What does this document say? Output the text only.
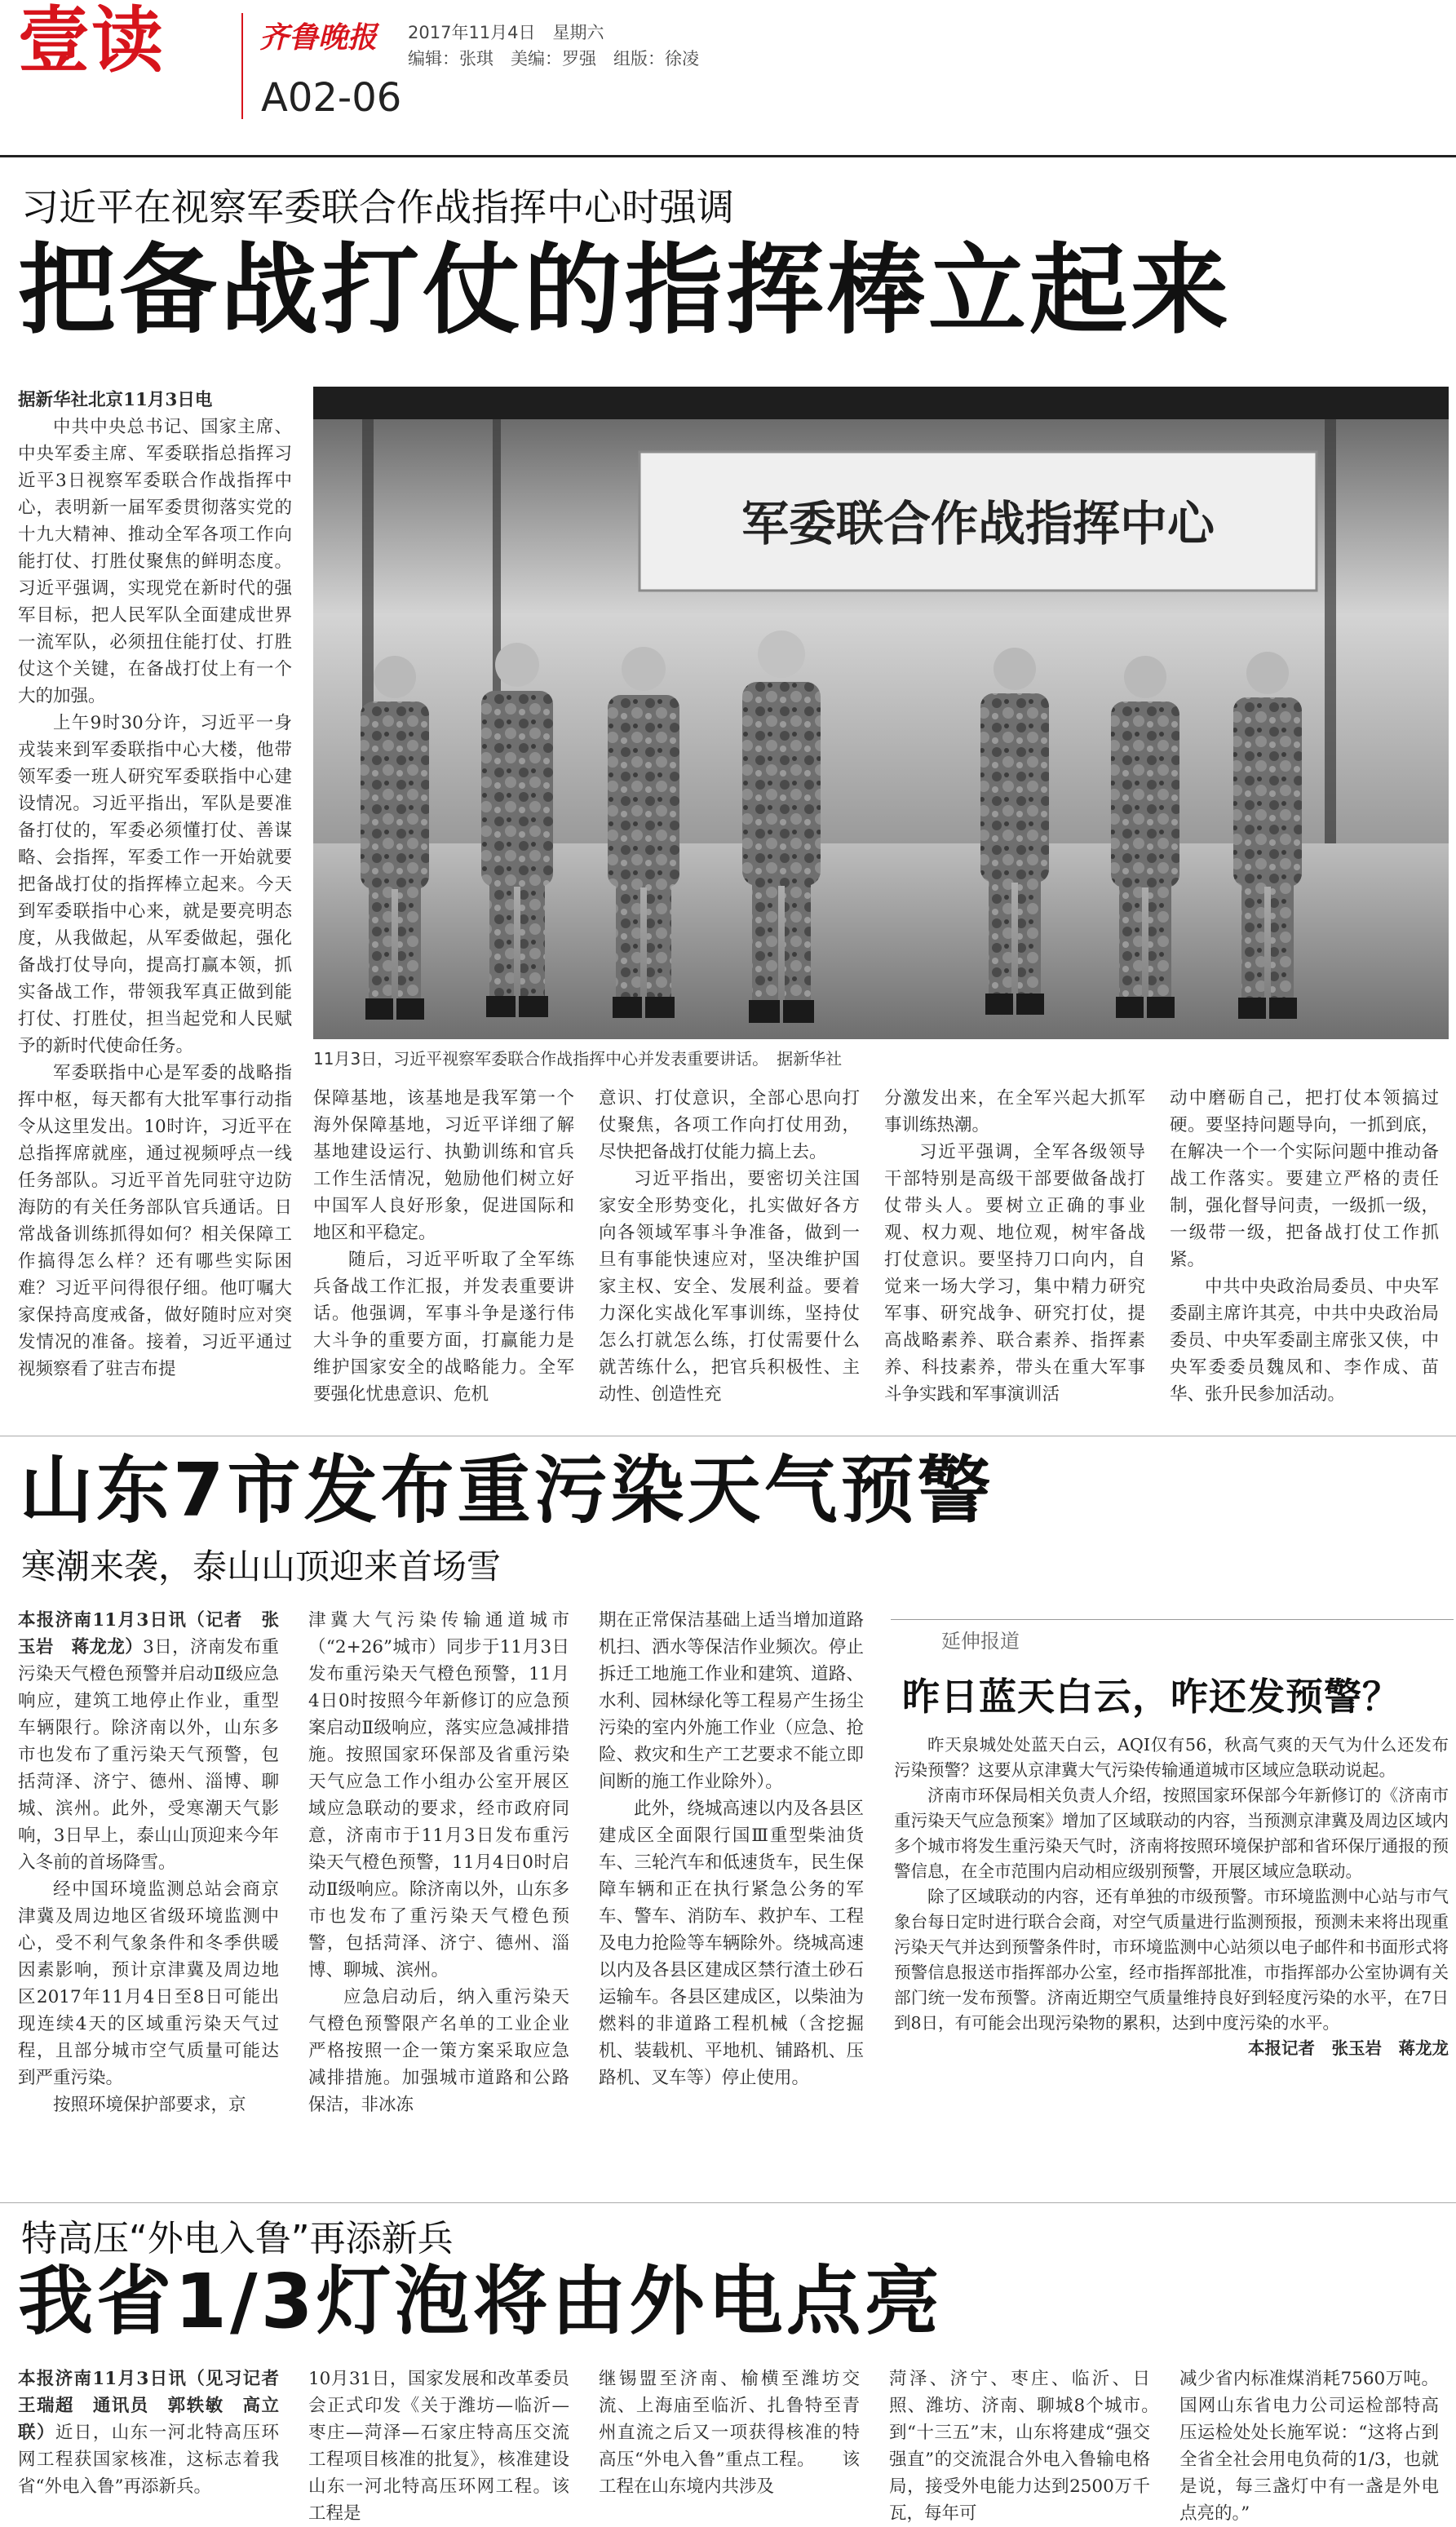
壹读	齐鲁晚报 2017年11月4日　星期六
编辑：张琪　美编：罗强　组版：徐凌
A02-06
习近平在视察军委联合作战指挥中心时强调
把备战打仗的指挥棒立起来

据新华社北京11月3日电

中共中央总书记、国家主席、中央军委主席、军委联指总指挥习近平3日视察军委联合作战指挥中心，表明新一届军委贯彻落实党的十九大精神、推动全军各项工作向能打仗、打胜仗聚焦的鲜明态度。习近平强调，实现党在新时代的强军目标，把人民军队全面建成世界一流军队，必须扭住能打仗、打胜仗这个关键，在备战打仗上有一个大的加强。

上午9时30分许，习近平一身戎装来到军委联指中心大楼，他带领军委一班人研究军委联指中心建设情况。习近平指出，军队是要准备打仗的，军委必须懂打仗、善谋略、会指挥，军委工作一开始就要把备战打仗的指挥棒立起来。今天到军委联指中心来，就是要亮明态度，从我做起，从军委做起，强化备战打仗导向，提高打赢本领，抓实备战工作，带领我军真正做到能打仗、打胜仗，担当起党和人民赋予的新时代使命任务。

军委联指中心是军委的战略指挥中枢，每天都有大批军事行动指令从这里发出。10时许，习近平在总指挥席就座，通过视频呼点一线任务部队。习近平首先同驻守边防海防的有关任务部队官兵通话。日常战备训练抓得如何？相关保障工作搞得怎么样？还有哪些实际困难？习近平问得很仔细。他叮嘱大家保持高度戒备，做好随时应对突发情况的准备。接着，习近平通过视频察看了驻吉布提

军委联合作战指挥中心
11月3日，习近平视察军委联合作战指挥中心并发表重要讲话。　据新华社

保障基地，该基地是我军第一个海外保障基地，习近平详细了解基地建设运行、执勤训练和官兵工作生活情况，勉励他们树立好中国军人良好形象，促进国际和地区和平稳定。

随后，习近平听取了全军练兵备战工作汇报，并发表重要讲话。他强调，军事斗争是遂行伟大斗争的重要方面，打赢能力是维护国家安全的战略能力。全军要强化忧患意识、危机

意识、打仗意识，全部心思向打仗聚焦，各项工作向打仗用劲，尽快把备战打仗能力搞上去。

习近平指出，要密切关注国家安全形势变化，扎实做好各方向各领域军事斗争准备，做到一旦有事能快速应对，坚决维护国家主权、安全、发展利益。要着力深化实战化军事训练，坚持仗怎么打就怎么练，打仗需要什么就苦练什么，把官兵积极性、主动性、创造性充

分激发出来，在全军兴起大抓军事训练热潮。

习近平强调，全军各级领导干部特别是高级干部要做备战打仗带头人。要树立正确的事业观、权力观、地位观，树牢备战打仗意识。要坚持刀口向内，自觉来一场大学习，集中精力研究军事、研究战争、研究打仗，提高战略素养、联合素养、指挥素养、科技素养，带头在重大军事斗争实践和军事演训活

动中磨砺自己，把打仗本领搞过硬。要坚持问题导向，一抓到底，在解决一个一个实际问题中推动备战工作落实。要建立严格的责任制，强化督导问责，一级抓一级，一级带一级，把备战打仗工作抓紧。

中共中央政治局委员、中央军委副主席许其亮，中共中央政治局委员、中央军委副主席张又侠，中央军委委员魏凤和、李作成、苗华、张升民参加活动。

山东7市发布重污染天气预警
寒潮来袭，泰山山顶迎来首场雪

本报济南11月3日讯（记者　张玉岩　蒋龙龙）3日，济南发布重污染天气橙色预警并启动Ⅱ级应急响应，建筑工地停止作业，重型车辆限行。除济南以外，山东多市也发布了重污染天气预警，包括菏泽、济宁、德州、淄博、聊城、滨州。此外，受寒潮天气影响，3日早上，泰山山顶迎来今年入冬前的首场降雪。

经中国环境监测总站会商京津冀及周边地区省级环境监测中心，受不利气象条件和冬季供暖因素影响，预计京津冀及周边地区2017年11月4日至8日可能出现连续4天的区域重污染天气过程，且部分城市空气质量可能达到严重污染。

按照环境保护部要求，京

津冀大气污染传输通道城市（“2+26”城市）同步于11月3日发布重污染天气橙色预警，11月4日0时按照今年新修订的应急预案启动Ⅱ级响应，落实应急减排措施。按照国家环保部及省重污染天气应急工作小组办公室开展区域应急联动的要求，经市政府同意，济南市于11月3日发布重污染天气橙色预警，11月4日0时启动Ⅱ级响应。除济南以外，山东多市也发布了重污染天气橙色预警，包括菏泽、济宁、德州、淄博、聊城、滨州。

应急启动后，纳入重污染天气橙色预警限产名单的工业企业严格按照一企一策方案采取应急减排措施。加强城市道路和公路保洁，非冰冻

期在正常保洁基础上适当增加道路机扫、洒水等保洁作业频次。停止拆迁工地施工作业和建筑、道路、水利、园林绿化等工程易产生扬尘污染的室内外施工作业（应急、抢险、救灾和生产工艺要求不能立即间断的施工作业除外）。

此外，绕城高速以内及各县区建成区全面限行国Ⅲ重型柴油货车、三轮汽车和低速货车，民生保障车辆和正在执行紧急公务的军车、警车、消防车、救护车、工程及电力抢险等车辆除外。绕城高速以内及各县区建成区禁行渣土砂石运输车。各县区建成区，以柴油为燃料的非道路工程机械（含挖掘机、装载机、平地机、铺路机、压路机、叉车等）停止使用。

延伸报道
昨日蓝天白云，咋还发预警？

昨天泉城处处蓝天白云，AQI仅有56，秋高气爽的天气为什么还发布污染预警？这要从京津冀大气污染传输通道城市区域应急联动说起。

济南市环保局相关负责人介绍，按照国家环保部今年新修订的《济南市重污染天气应急预案》增加了区域联动的内容，当预测京津冀及周边区域内多个城市将发生重污染天气时，济南将按照环境保护部和省环保厅通报的预警信息，在全市范围内启动相应级别预警，开展区域应急联动。

除了区域联动的内容，还有单独的市级预警。市环境监测中心站与市气象台每日定时进行联合会商，对空气质量进行监测预报，预测未来将出现重污染天气并达到预警条件时，市环境监测中心站须以电子邮件和书面形式将预警信息报送市指挥部办公室，经市指挥部批准，市指挥部办公室协调有关部门统一发布预警。济南近期空气质量维持良好到轻度污染的水平，在7日到8日，有可能会出现污染物的累积，达到中度污染的水平。

本报记者　张玉岩　蒋龙龙

特高压“外电入鲁”再添新兵
我省1/3灯泡将由外电点亮

本报济南11月3日讯（见习记者　王瑞超　通讯员　郭轶敏　高立联）近日，山东一河北特高压环网工程获国家核准，这标志着我省“外电入鲁”再添新兵。

10月31日，国家发展和改革委员会正式印发《关于潍坊—临沂—枣庄—菏泽—石家庄特高压交流工程项目核准的批复》，核准建设山东一河北特高压环网工程。该工程是

继锡盟至济南、榆横至潍坊交流、上海庙至临沂、扎鲁特至青州直流之后又一项获得核准的特高压“外电入鲁”重点工程。　　该工程在山东境内共涉及

菏泽、济宁、枣庄、临沂、日照、潍坊、济南、聊城8个城市。　　到“十三五”末，山东将建成“强交强直”的交流混合外电入鲁输电格局，接受外电能力达到2500万千瓦，每年可

减少省内标准煤消耗7560万吨。国网山东省电力公司运检部特高压运检处处长施军说：“这将占到全省全社会用电负荷的1/3，也就是说，每三盏灯中有一盏是外电点亮的。”
